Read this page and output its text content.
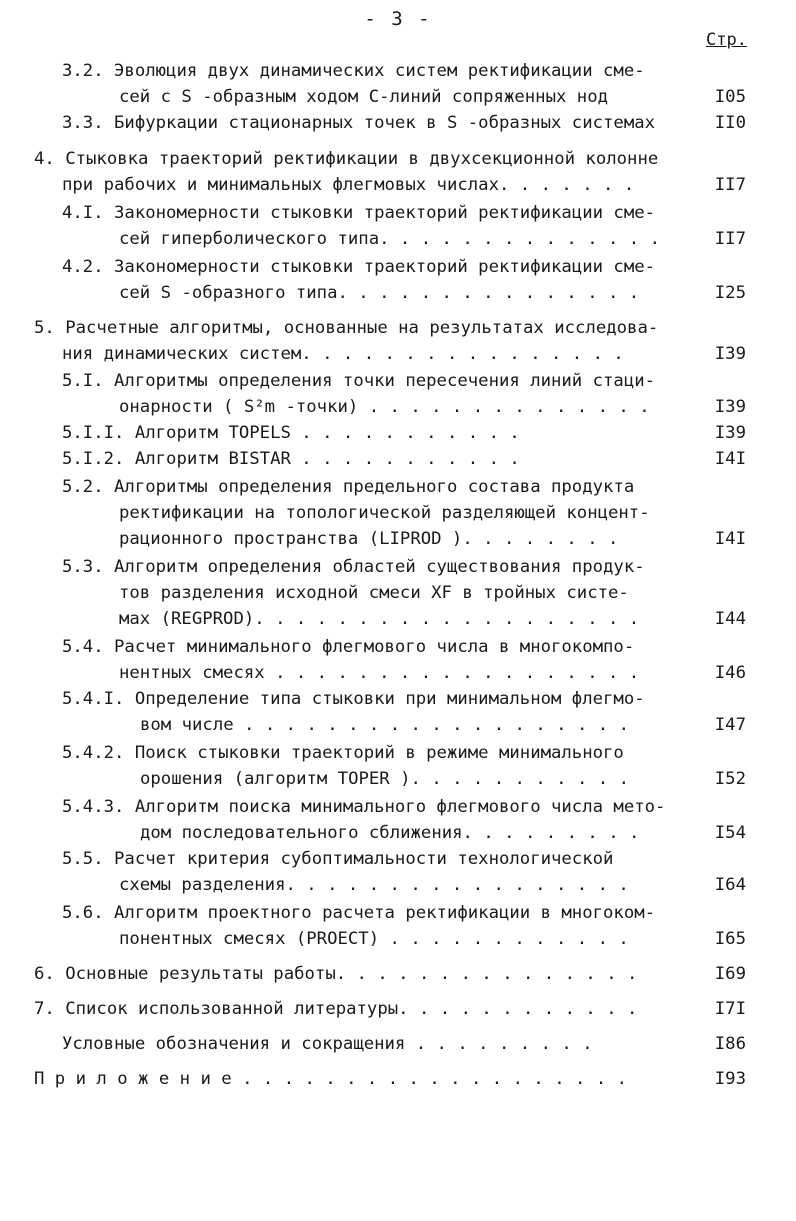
- 3 -
Стр.
3.2. Эволюция двух динамических систем ректификации сме-
сей с S -образным ходом С-линий сопряженных нод	I05
3.3. Бифуркации стационарных точек в S -образных системах	II0
4. Стыковка траекторий ректификации в двухсекционной колонне
при рабочих и минимальных флегмовых числах. . . . . . .	II7
4.I. Закономерности стыковки траекторий ректификации сме-
сей гиперболического типа. . . . . . . . . . . . . .	II7
4.2. Закономерности стыковки траекторий ректификации сме-
сей S -образного типа. . . . . . . . . . . . . . .	I25
5. Расчетные алгоритмы, основанные на результатах исследова-
ния динамических систем. . . . . . . . . . . . . . . .	I39
5.I. Алгоритмы определения точки пересечения линий стаци-
онарности ( S²m -точки) . . . . . . . . . . . . . .	I39
5.I.I. Алгоритм TOPELS . . . . . . . . . . .	I39
5.I.2. Алгоритм BISTAR . . . . . . . . . . .	I4I
5.2. Алгоритмы определения предельного состава продукта
ректификации на топологической разделяющей концент-
рационного пространства (LIPROD ). . . . . . . .	I4I
5.3. Алгоритм определения областей существования продук-
тов разделения исходной смеси XF в тройных систе-
мах (REGPROD). . . . . . . . . . . . . . . . . . .	I44
5.4. Расчет минимального флегмового числа в многокомпо-
нентных смесях . . . . . . . . . . . . . . . . . .	I46
5.4.I. Определение типа стыковки при минимальном флегмо-
вом числе . . . . . . . . . . . . . . . . . . .	I47
5.4.2. Поиск стыковки траекторий в режиме минимального
орошения (алгоритм TOPER ). . . . . . . . . . .	I52
5.4.3. Алгоритм поиска минимального флегмового числа мето-
дом последовательного сближения. . . . . . . . .	I54
5.5. Расчет критерия субоптимальности технологической
схемы разделения. . . . . . . . . . . . . . . . .	I64
5.6. Алгоритм проектного расчета ректификации в многоком-
понентных смесях (PROECT) . . . . . . . . . . . .	I65
6. Основные результаты работы. . . . . . . . . . . . . . .	I69
7. Список использованной литературы. . . . . . . . . . . .	I7I
Условные обозначения и сокращения . . . . . . . . .	I86
П р и л о ж е н и е . . . . . . . . . . . . . . . . . . .	I93
